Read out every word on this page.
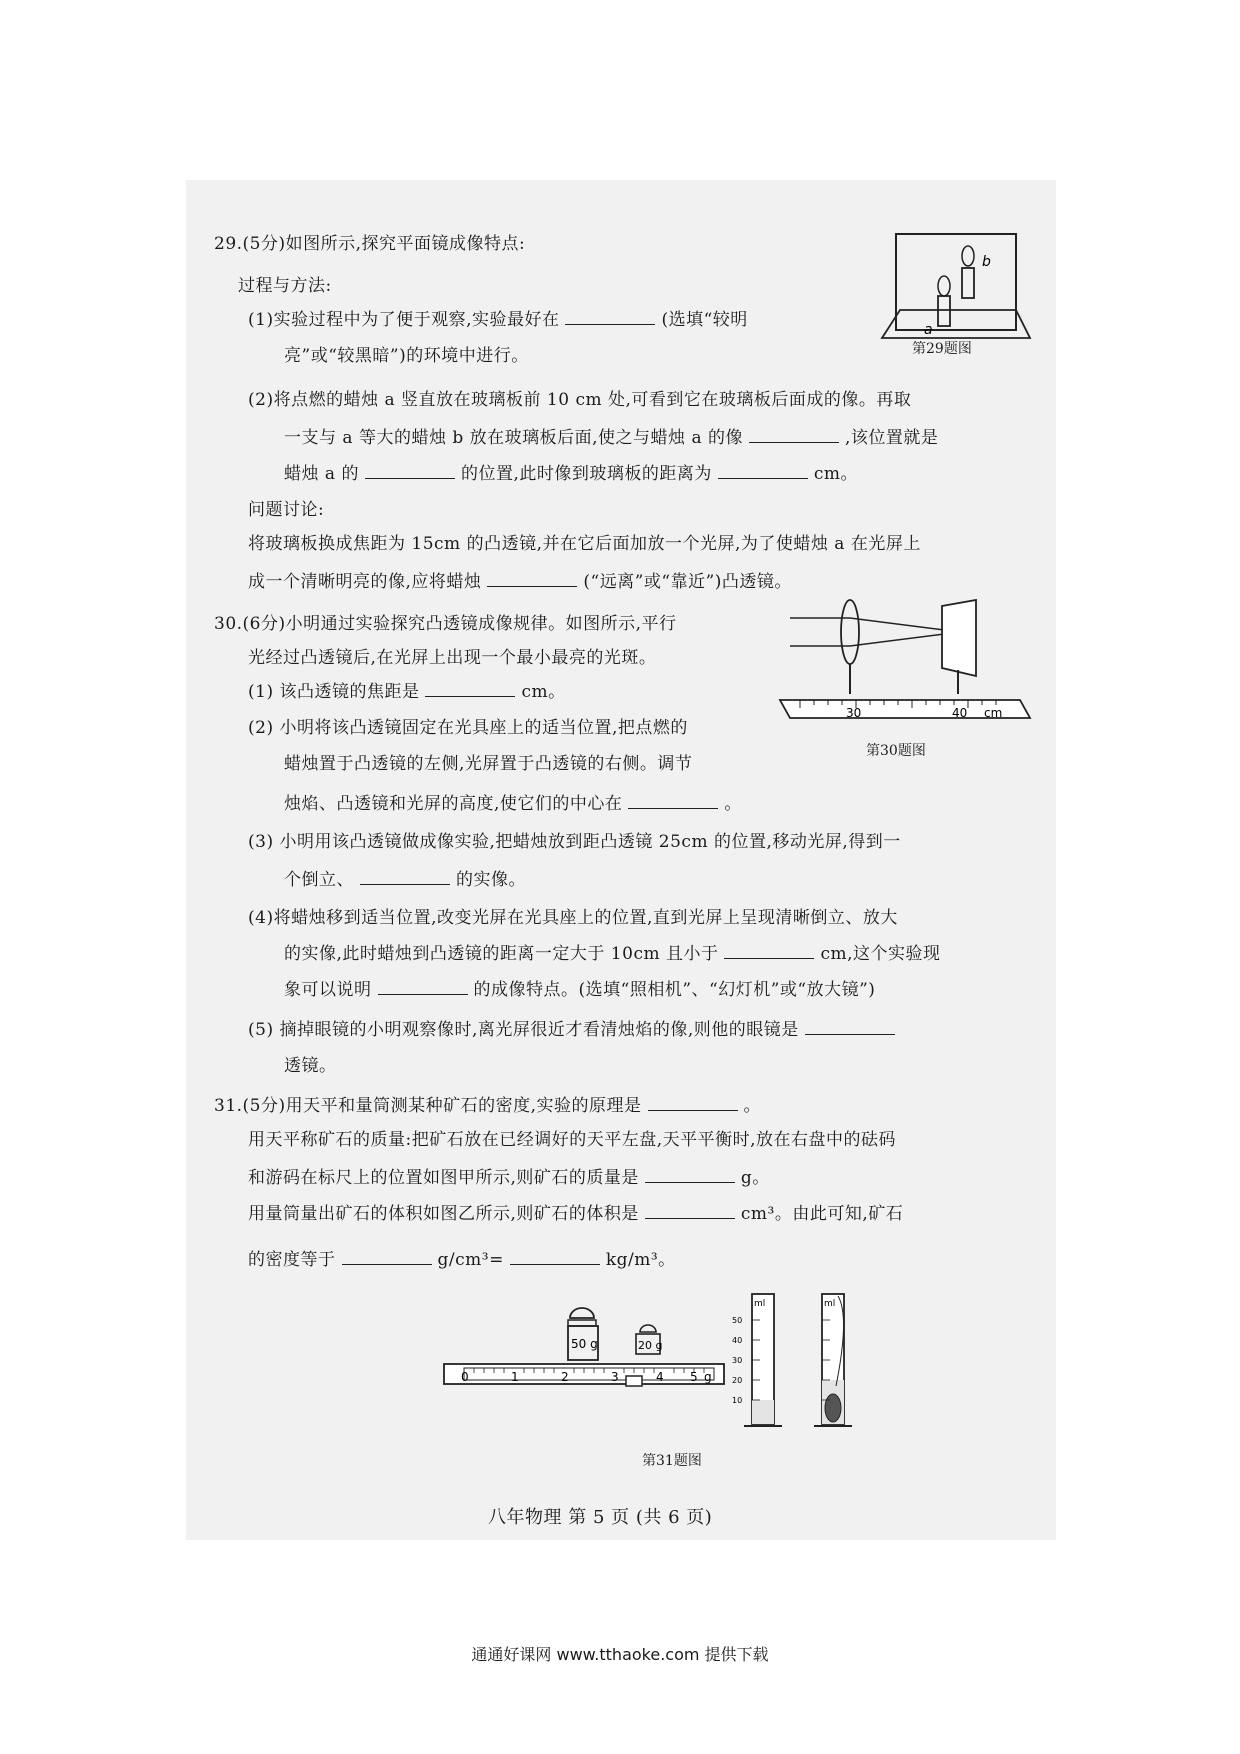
29.(5分)如图所示,探究平面镜成像特点:
过程与方法:
(1)实验过程中为了便于观察,实验最好在	(选填“较明
亮”或“较黑暗”)的环境中进行。
(2)将点燃的蜡烛 a 竖直放在玻璃板前 10 cm 处,可看到它在玻璃板后面成的像。再取
一支与 a 等大的蜡烛 b 放在玻璃板后面,使之与蜡烛 a 的像	,该位置就是
蜡烛 a 的	的位置,此时像到玻璃板的距离为	cm。
问题讨论:
将玻璃板换成焦距为 15cm 的凸透镜,并在它后面加放一个光屏,为了使蜡烛 a 在光屏上
成一个清晰明亮的像,应将蜡烛	(“远离”或“靠近”)凸透镜。
a
b
第29题图
30.(6分)小明通过实验探究凸透镜成像规律。如图所示,平行
光经过凸透镜后,在光屏上出现一个最小最亮的光斑。
(1) 该凸透镜的焦距是	cm。
(2) 小明将该凸透镜固定在光具座上的适当位置,把点燃的
蜡烛置于凸透镜的左侧,光屏置于凸透镜的右侧。调节
烛焰、凸透镜和光屏的高度,使它们的中心在	。
(3) 小明用该凸透镜做成像实验,把蜡烛放到距凸透镜 25cm 的位置,移动光屏,得到一
个倒立、	的实像。
(4)将蜡烛移到适当位置,改变光屏在光具座上的位置,直到光屏上呈现清晰倒立、放大
的实像,此时蜡烛到凸透镜的距离一定大于 10cm 且小于	cm,这个实验现
象可以说明	的成像特点。(选填“照相机”、“幻灯机”或“放大镜”)
(5) 摘掉眼镜的小明观察像时,离光屏很近才看清烛焰的像,则他的眼镜是
透镜。
30	40 cm
第30题图
31.(5分)用天平和量筒测某种矿石的密度,实验的原理是	。
用天平称矿石的质量:把矿石放在已经调好的天平左盘,天平平衡时,放在右盘中的砝码
和游码在标尺上的位置如图甲所示,则矿石的质量是	g。
用量筒量出矿石的体积如图乙所示,则矿石的体积是	cm³。由此可知,矿石
的密度等于	g/cm³=	kg/m³。
50 g	20 g
0	1	2	3	4 5 g
ml
50
40
30
20
10
ml
第31题图
八年物理 第 5 页 (共 6 页)
通通好课网 www.tthaoke.com 提供下载
